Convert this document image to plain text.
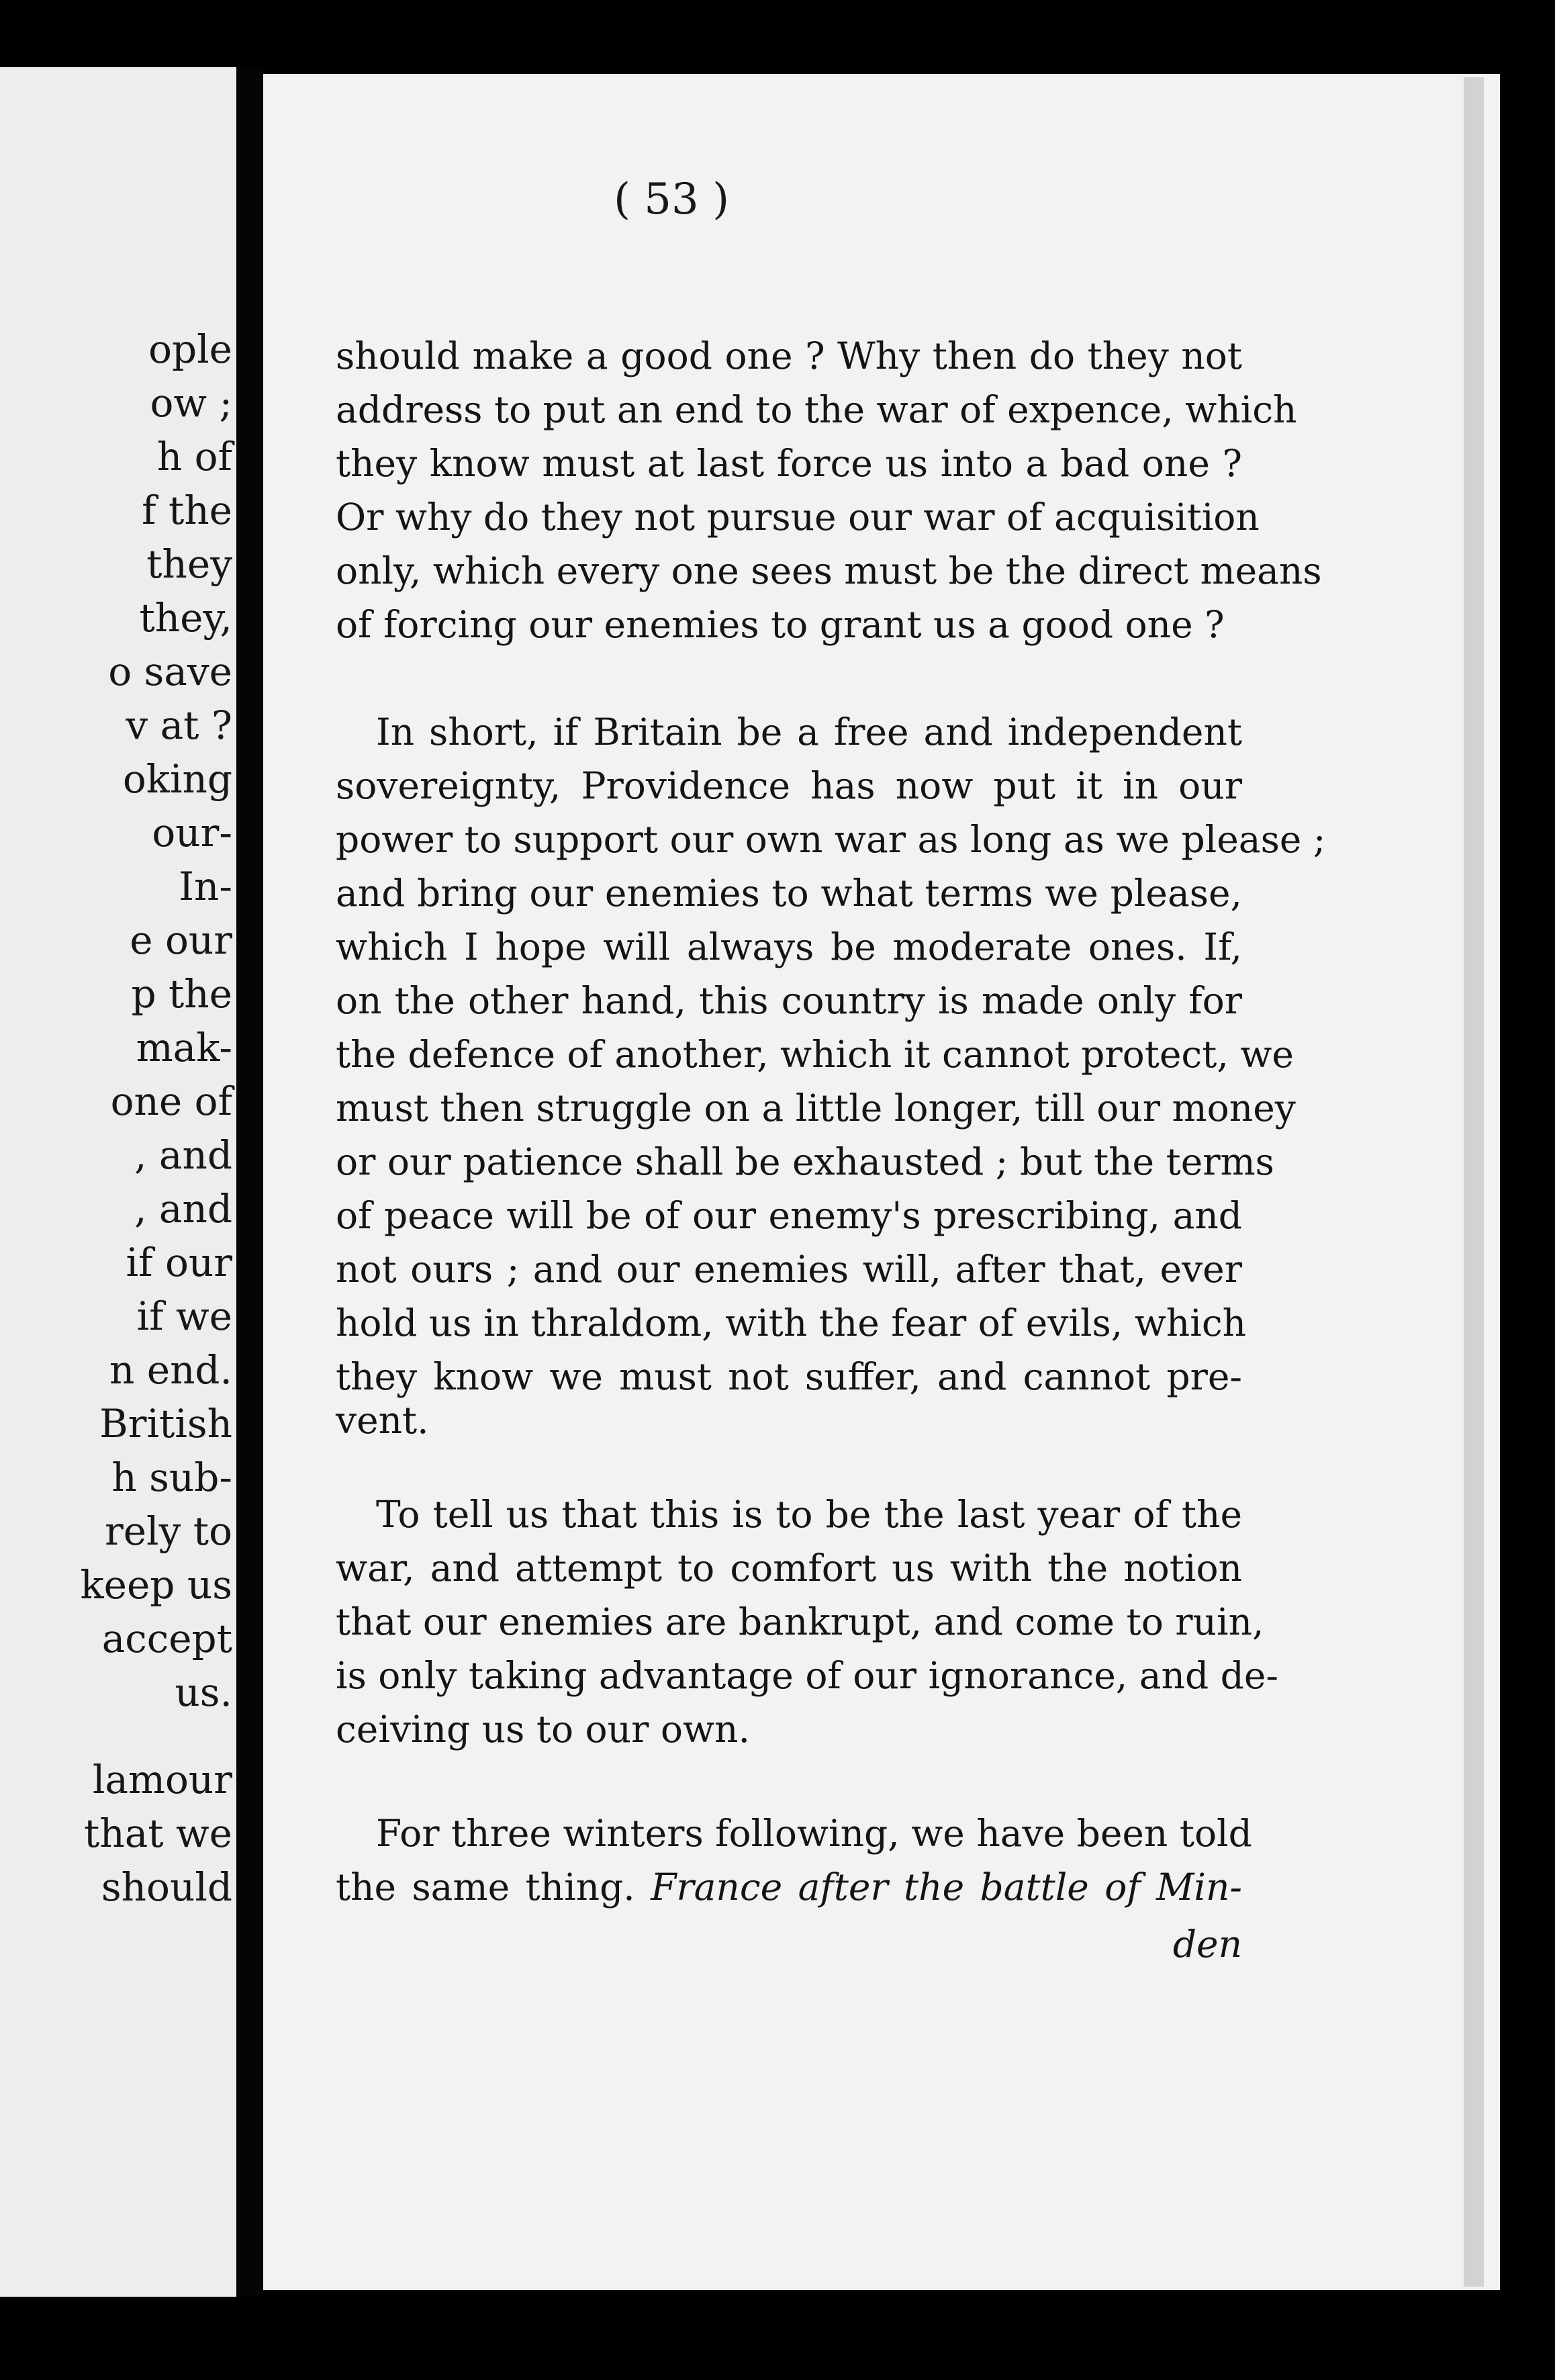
ople
ow ;
h of
f the
they
they,
o save
v at ?
oking
our-
In-
e our
p the
mak-
one of
, and
, and
if our
if we
n end.
British
h sub-
rely to
keep us
accept
us.
lamour
that we
should
( 53 )
should make a good one ? Why then do they not
address to put an end to the war of expence, which
they know must at last force us into a bad one ?
Or why do they not pursue our war of acquisition
only, which every one sees must be the direct means
of forcing our enemies to grant us a good one ?
In short, if Britain be a free and independent
sovereignty, Providence has now put it in our
power to support our own war as long as we please ;
and bring our enemies to what terms we please,
which I hope will always be moderate ones. If,
on the other hand, this country is made only for
the defence of another, which it cannot protect, we
must then struggle on a little longer, till our money
or our patience shall be exhausted ; but the terms
of peace will be of our enemy's prescribing, and
not ours ; and our enemies will, after that, ever
hold us in thraldom, with the fear of evils, which
they know we must not suffer, and cannot pre-
vent.
To tell us that this is to be the last year of the
war, and attempt to comfort us with the notion
that our enemies are bankrupt, and come to ruin,
is only taking advantage of our ignorance, and de-
ceiving us to our own.
For three winters following, we have been told
the same thing. France after the battle of Min-
den
